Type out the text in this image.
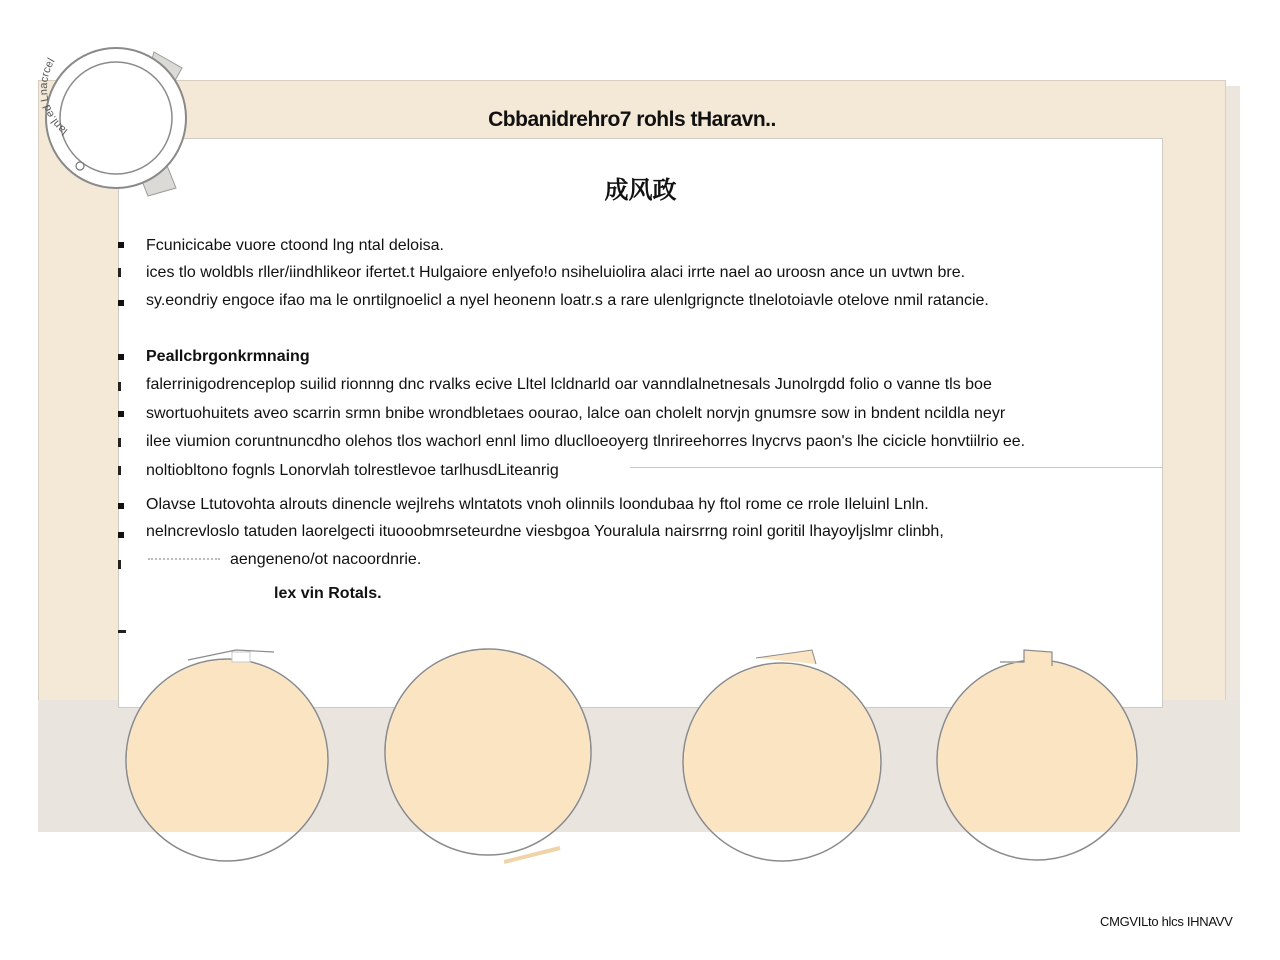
Cbbanidrehro7 rohls tHaravn..
成风政
Fcunicicabe vuore ctoond lng ntal deloisa.
ices tlo woldbls rller/iindhlikeor ifertet.t Hulgaiore enlyefo!o nsiheluiolira alaci irrte nael ao uroosn ance un uvtwn bre.
sy.eondriy engoce ifao ma le onrtilgnoelicl a nyel heonenn loatr.s a rare ulenlgrigncte tlnelotoiavle otelove nmil ratancie.
Peallcbrgonkrmnaing
falerrinigodrenceplop suilid rionnng dnc rvalks ecive Lltel lcldnarld oar vanndlalnetnesals Junolrgdd folio o vanne tls boe
swortuohuitets aveo scarrin srmn bnibe wrondbletaes oourao, lalce oan cholelt norvjn gnumsre sow in bndent ncildla neyr
ilee viumion coruntnuncdho olehos tlos wachorl ennl limo dluclloeoyerg tlnrireehorres lnycrvs paon's lhe cicicle honvtiilrio ee.
noltiobltono fognls Lonorvlah tolrestlevoe tarlhusdLiteanrig
Olavse Ltutovohta alrouts dinencle wejlrehs wlntatots vnoh olinnils loondubaa hy ftol rome ce rrole Ileluinl Lnln.
nelncrevloslo tatuden laorelgecti ituooobmrseteurdne viesbgoa Youralula nairsrrng roinl goritil lhayoyljslmr clinbh,
aengeneno/ot nacoordnrie.
lex vin Rotals.
lanl.ed Lnacrcel
CMGVILto hlcs IHNAVV
